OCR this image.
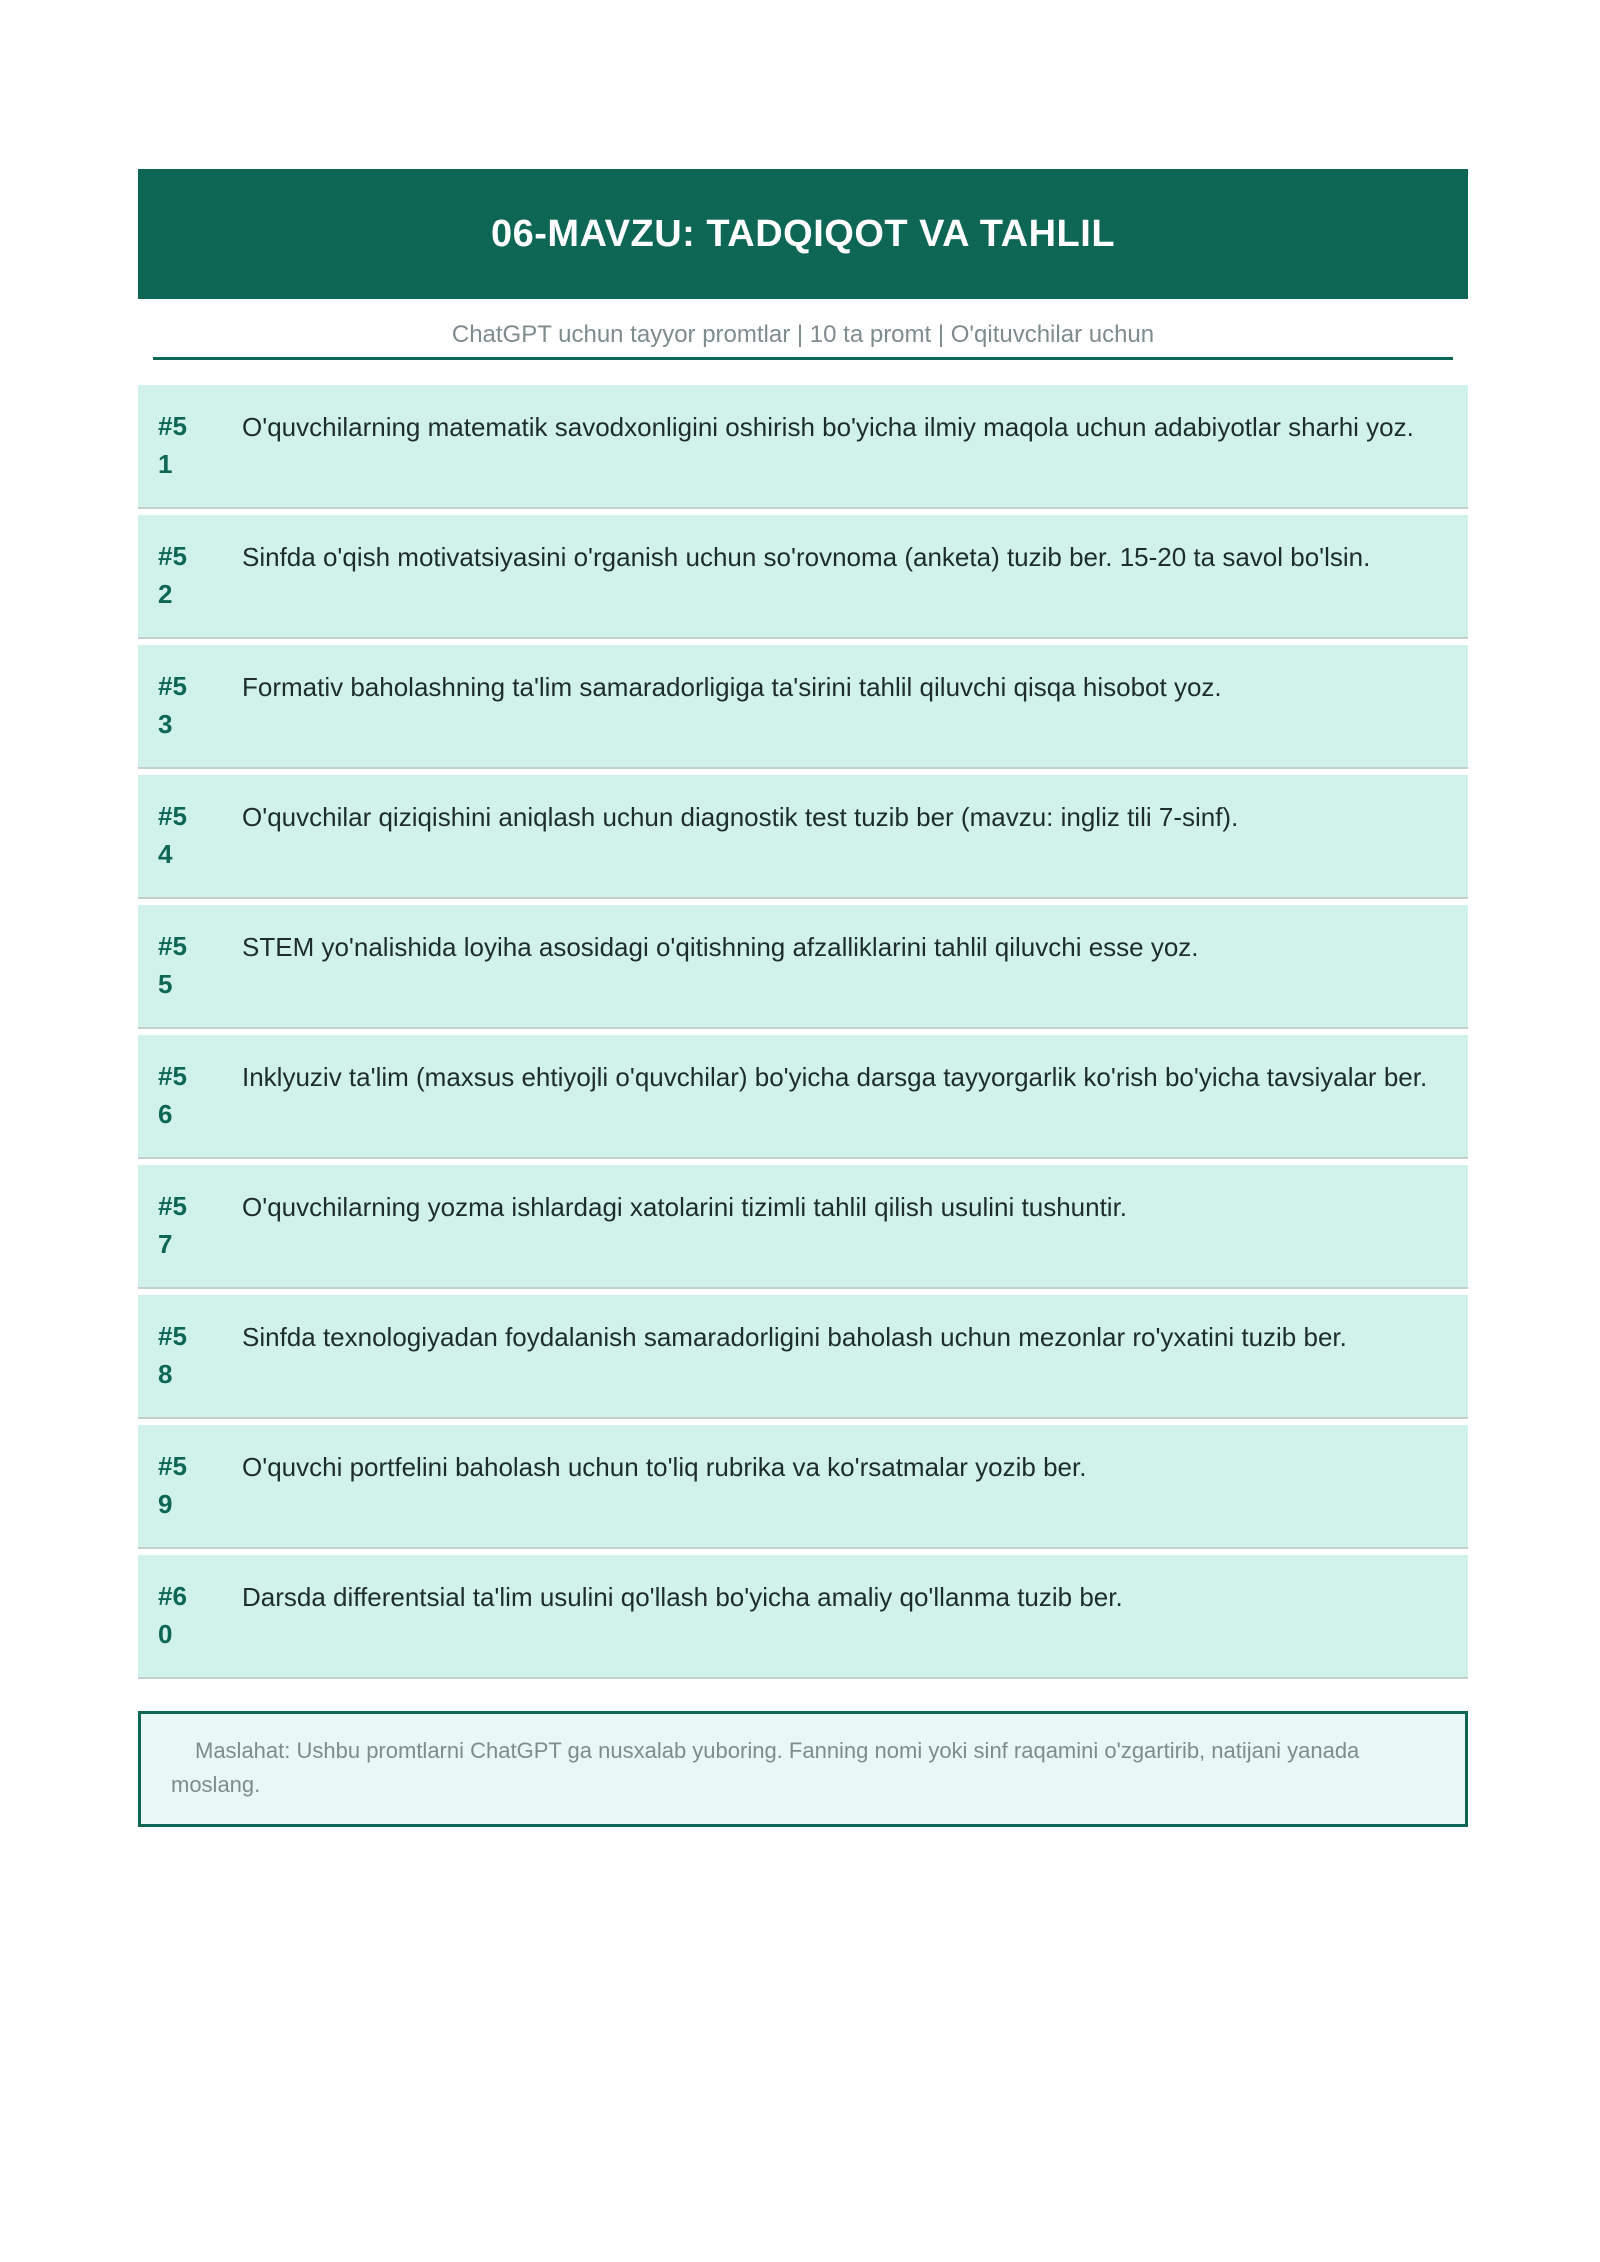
06-MAVZU: TADQIQOT VA TAHLIL
ChatGPT uchun tayyor promtlar | 10 ta promt | O'qituvchilar uchun
#51
O'quvchilarning matematik savodxonligini oshirish bo'yicha ilmiy maqola uchun adabiyotlar sharhi yoz.
#52
Sinfda o'qish motivatsiyasini o'rganish uchun so'rovnoma (anketa) tuzib ber. 15-20 ta savol bo'lsin.
#53
Formativ baholashning ta'lim samaradorligiga ta'sirini tahlil qiluvchi qisqa hisobot yoz.
#54
O'quvchilar qiziqishini aniqlash uchun diagnostik test tuzib ber (mavzu: ingliz tili 7-sinf).
#55
STEM yo'nalishida loyiha asosidagi o'qitishning afzalliklarini tahlil qiluvchi esse yoz.
#56
Inklyuziv ta'lim (maxsus ehtiyojli o'quvchilar) bo'yicha darsga tayyorgarlik ko'rish bo'yicha tavsiyalar ber.
#57
O'quvchilarning yozma ishlardagi xatolarini tizimli tahlil qilish usulini tushuntir.
#58
Sinfda texnologiyadan foydalanish samaradorligini baholash uchun mezonlar ro'yxatini tuzib ber.
#59
O'quvchi portfelini baholash uchun to'liq rubrika va ko'rsatmalar yozib ber.
#60
Darsda differentsial ta'lim usulini qo'llash bo'yicha amaliy qo'llanma tuzib ber.
Maslahat: Ushbu promtlarni ChatGPT ga nusxalab yuboring. Fanning nomi yoki sinf raqamini o'zgartirib, natijani yanada moslang.
